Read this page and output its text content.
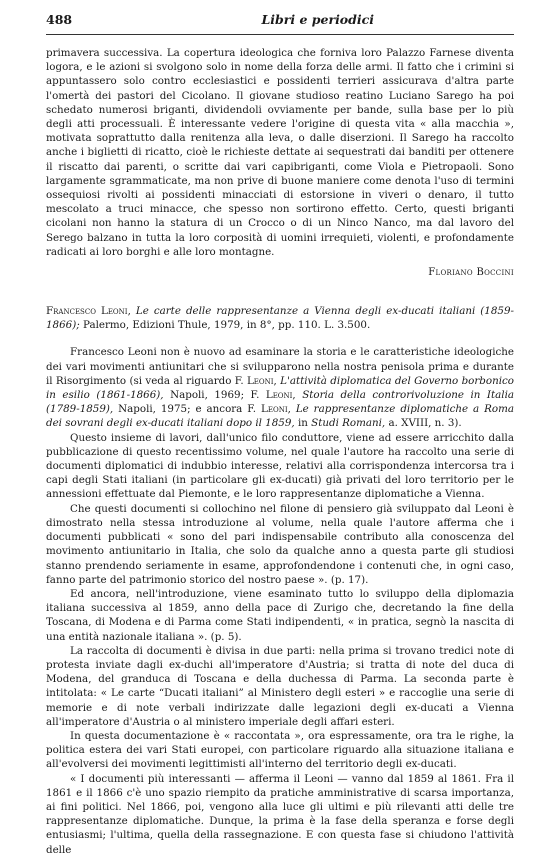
488	Libri e periodici

primavera successiva. La copertura ideologica che forniva loro Palazzo Farnese diventa logora, e le azioni si svolgono solo in nome della forza delle armi. Il fatto che i crimini si appuntassero solo contro ecclesiastici e possidenti terrieri assicurava d'altra parte l'omertà dei pastori del Cicolano. Il giovane studioso reatino Luciano Sarego ha poi schedato numerosi briganti, dividendoli ovviamente per bande, sulla base per lo più degli atti processuali. È interessante vedere l'origine di questa vita « alla macchia », motivata soprattutto dalla renitenza alla leva, o dalle diserzioni. Il Sarego ha raccolto anche i biglietti di ricatto, cioè le richieste dettate ai sequestrati dai banditi per ottenere il riscatto dai parenti, o scritte dai vari capibriganti, come Viola e Pietropaoli. Sono largamente sgrammaticate, ma non prive di buone maniere come denota l'uso di termini ossequiosi rivolti ai possidenti minacciati di estorsione in viveri o denaro, il tutto mescolato a truci minacce, che spesso non sortirono effetto. Certo, questi briganti cicolani non hanno la statura di un Crocco o di un Ninco Nanco, ma dal lavoro del Serego balzano in tutta la loro corposità di uomini irrequieti, violenti, e profondamente radicati ai loro borghi e alle loro montagne.

Floriano Boccini

Francesco Leoni, Le carte delle rappresentanze a Vienna degli ex-ducati italiani (1859-1866); Palermo, Edizioni Thule, 1979, in 8°, pp. 110. L. 3.500.

Francesco Leoni non è nuovo ad esaminare la storia e le caratteristiche ideologiche dei vari movimenti antiunitari che si svilupparono nella nostra penisola prima e durante il Risorgimento (si veda al riguardo F. Leoni, L'attività diplomatica del Governo borbonico in esilio (1861-1866), Napoli, 1969; F. Leoni, Storia della controrivoluzione in Italia (1789-1859), Napoli, 1975; e ancora F. Leoni, Le rappresentanze diplomatiche a Roma dei sovrani degli ex-ducati italiani dopo il 1859, in Studi Romani, a. XVIII, n. 3).

Questo insieme di lavori, dall'unico filo conduttore, viene ad essere arricchito dalla pubblicazione di questo recentissimo volume, nel quale l'autore ha raccolto una serie di documenti diplomatici di indubbio interesse, relativi alla corrispondenza intercorsa tra i capi degli Stati italiani (in particolare gli ex-ducati) già privati del loro territorio per le annessioni effettuate dal Piemonte, e le loro rappresentanze diplomatiche a Vienna.

Che questi documenti si collochino nel filone di pensiero già sviluppato dal Leoni è dimostrato nella stessa introduzione al volume, nella quale l'autore afferma che i documenti pubblicati « sono del pari indispensabile contributo alla conoscenza del movimento antiunitario in Italia, che solo da qualche anno a questa parte gli studiosi stanno prendendo seriamente in esame, approfondendone i contenuti che, in ogni caso, fanno parte del patrimonio storico del nostro paese ». (p. 17).

Ed ancora, nell'introduzione, viene esaminato tutto lo sviluppo della diplomazia italiana successiva al 1859, anno della pace di Zurigo che, decretando la fine della Toscana, di Modena e di Parma come Stati indipendenti, « in pratica, segnò la nascita di una entità nazionale italiana ». (p. 5).

La raccolta di documenti è divisa in due parti: nella prima si trovano tredici note di protesta inviate dagli ex-duchi all'imperatore d'Austria; si tratta di note del duca di Modena, del granduca di Toscana e della duchessa di Parma. La seconda parte è intitolata: « Le carte “Ducati italiani” al Ministero degli esteri » e raccoglie una serie di memorie e di note verbali indirizzate dalle legazioni degli ex-ducati a Vienna all'imperatore d'Austria o al ministero imperiale degli affari esteri.

In questa documentazione è « raccontata », ora espressamente, ora tra le righe, la politica estera dei vari Stati europei, con particolare riguardo alla situazione italiana e all'evolversi dei movimenti legittimisti all'interno del territorio degli ex-ducati.

« I documenti più interessanti — afferma il Leoni — vanno dal 1859 al 1861. Fra il 1861 e il 1866 c'è uno spazio riempito da pratiche amministrative di scarsa importanza, ai fini politici. Nel 1866, poi, vengono alla luce gli ultimi e più rilevanti atti delle tre rappresentanze diplomatiche. Dunque, la prima è la fase della speranza e forse degli entusiasmi; l'ultima, quella della rassegnazione. E con questa fase si chiudono l'attività delle
